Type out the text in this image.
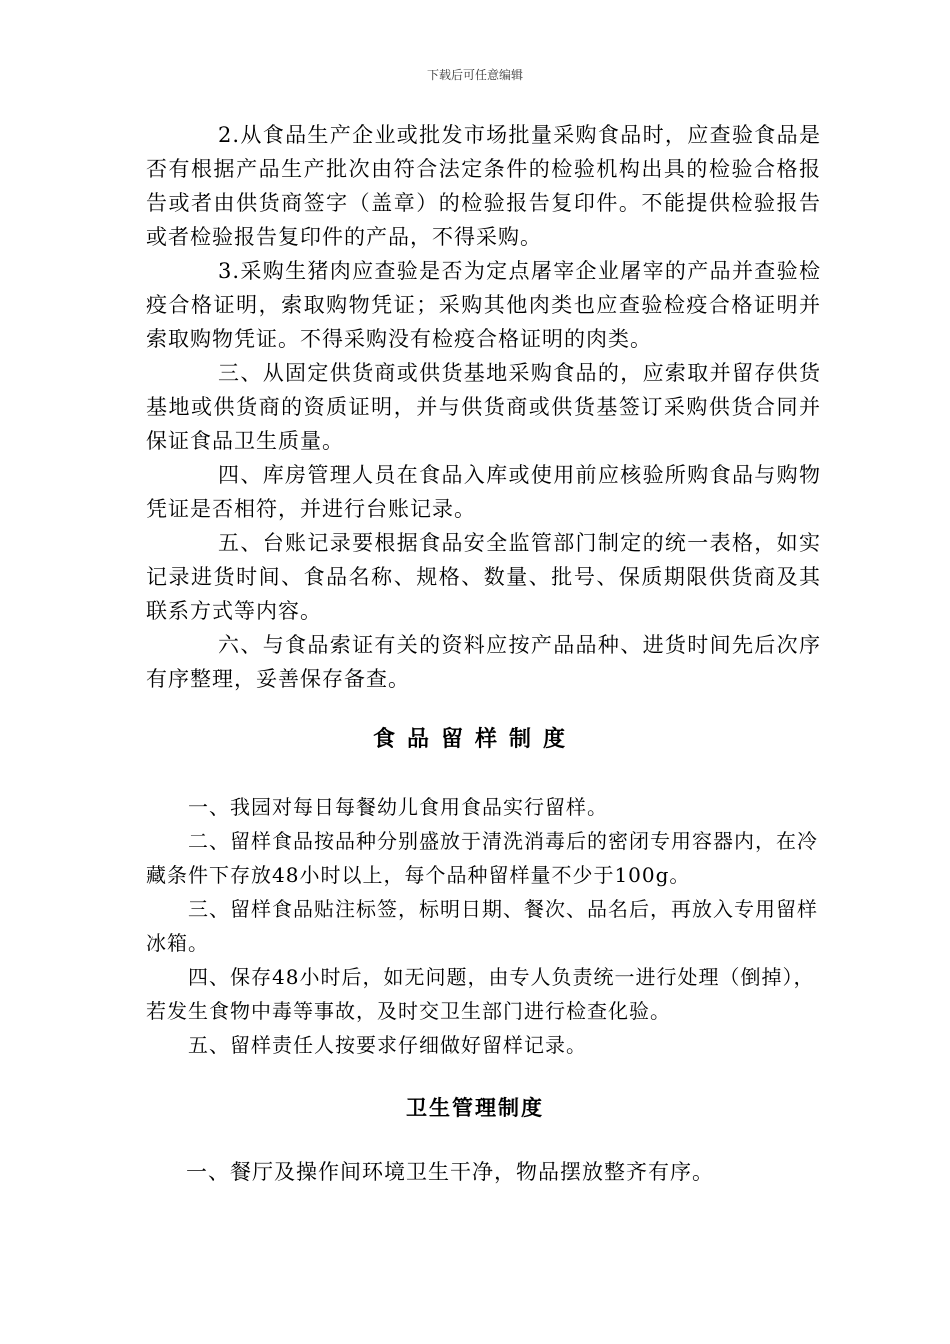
下载后可任意编辑

2.从食品生产企业或批发市场批量采购食品时，应查验食品是否有根据产品生产批次由符合法定条件的检验机构出具的检验合格报告或者由供货商签字（盖章）的检验报告复印件。不能提供检验报告或者检验报告复印件的产品，不得采购。

3.采购生猪肉应查验是否为定点屠宰企业屠宰的产品并查验检疫合格证明，索取购物凭证；采购其他肉类也应查验检疫合格证明并索取购物凭证。不得采购没有检疫合格证明的肉类。

三、从固定供货商或供货基地采购食品的，应索取并留存供货基地或供货商的资质证明，并与供货商或供货基签订采购供货合同并保证食品卫生质量。

四、库房管理人员在食品入库或使用前应核验所购食品与购物凭证是否相符，并进行台账记录。

五、台账记录要根据食品安全监管部门制定的统一表格，如实记录进货时间、食品名称、规格、数量、批号、保质期限供货商及其联系方式等内容。

六、与食品索证有关的资料应按产品品种、进货时间先后次序有序整理，妥善保存备查。

食品留样制度

一、我园对每日每餐幼儿食用食品实行留样。

二、留样食品按品种分别盛放于清洗消毒后的密闭专用容器内，在冷藏条件下存放48小时以上，每个品种留样量不少于100g。

三、留样食品贴注标签，标明日期、餐次、品名后，再放入专用留样冰箱。

四、保存48小时后，如无问题，由专人负责统一进行处理（倒掉），若发生食物中毒等事故，及时交卫生部门进行检查化验。

五、留样责任人按要求仔细做好留样记录。

卫生管理制度
一、餐厅及操作间环境卫生干净，物品摆放整齐有序。
